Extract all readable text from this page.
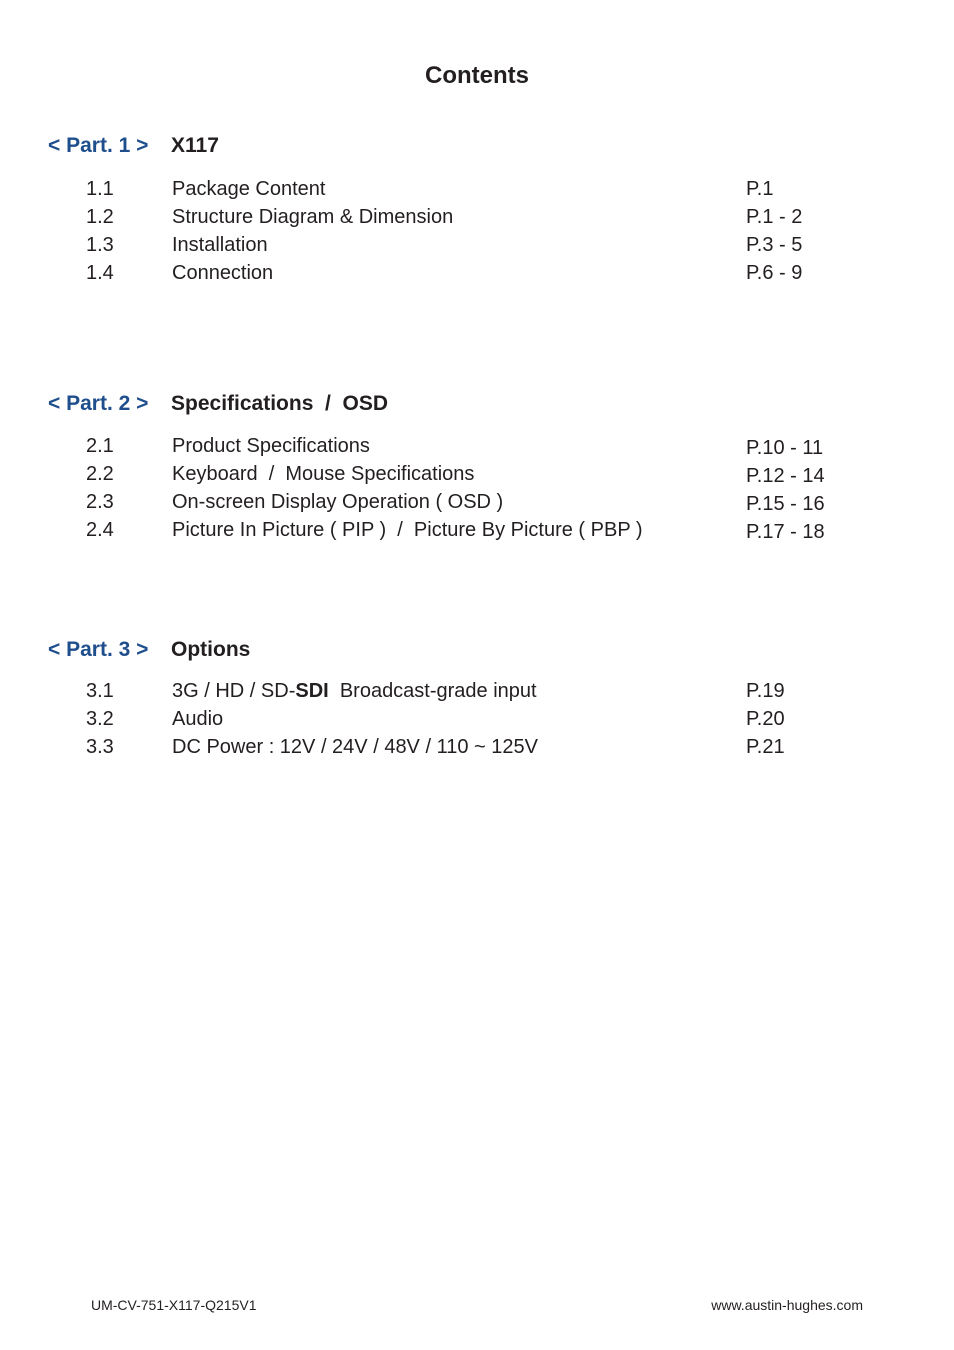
Contents
< Part. 1 > X117
1.1	Package Content	P.1
1.2	Structure Diagram & Dimension	P.1 - 2
1.3	Installation	P.3 - 5
1.4	Connection	P.6 - 9
< Part. 2 > Specifications  /  OSD
2.1	Product Specifications	P.10 - 11
2.2	Keyboard  /  Mouse Specifications	P.12 - 14
2.3	On-screen Display Operation ( OSD )	P.15 - 16
2.4	Picture In Picture ( PIP )  /  Picture By Picture ( PBP )	P.17 - 18
< Part. 3 > Options
3.1	3G / HD / SD-SDI  Broadcast-grade input	P.19
3.2	Audio	P.20
3.3	DC Power : 12V / 24V / 48V / 110 ~ 125V	P.21
UM-CV-751-X117-Q215V1	www.austin-hughes.com
